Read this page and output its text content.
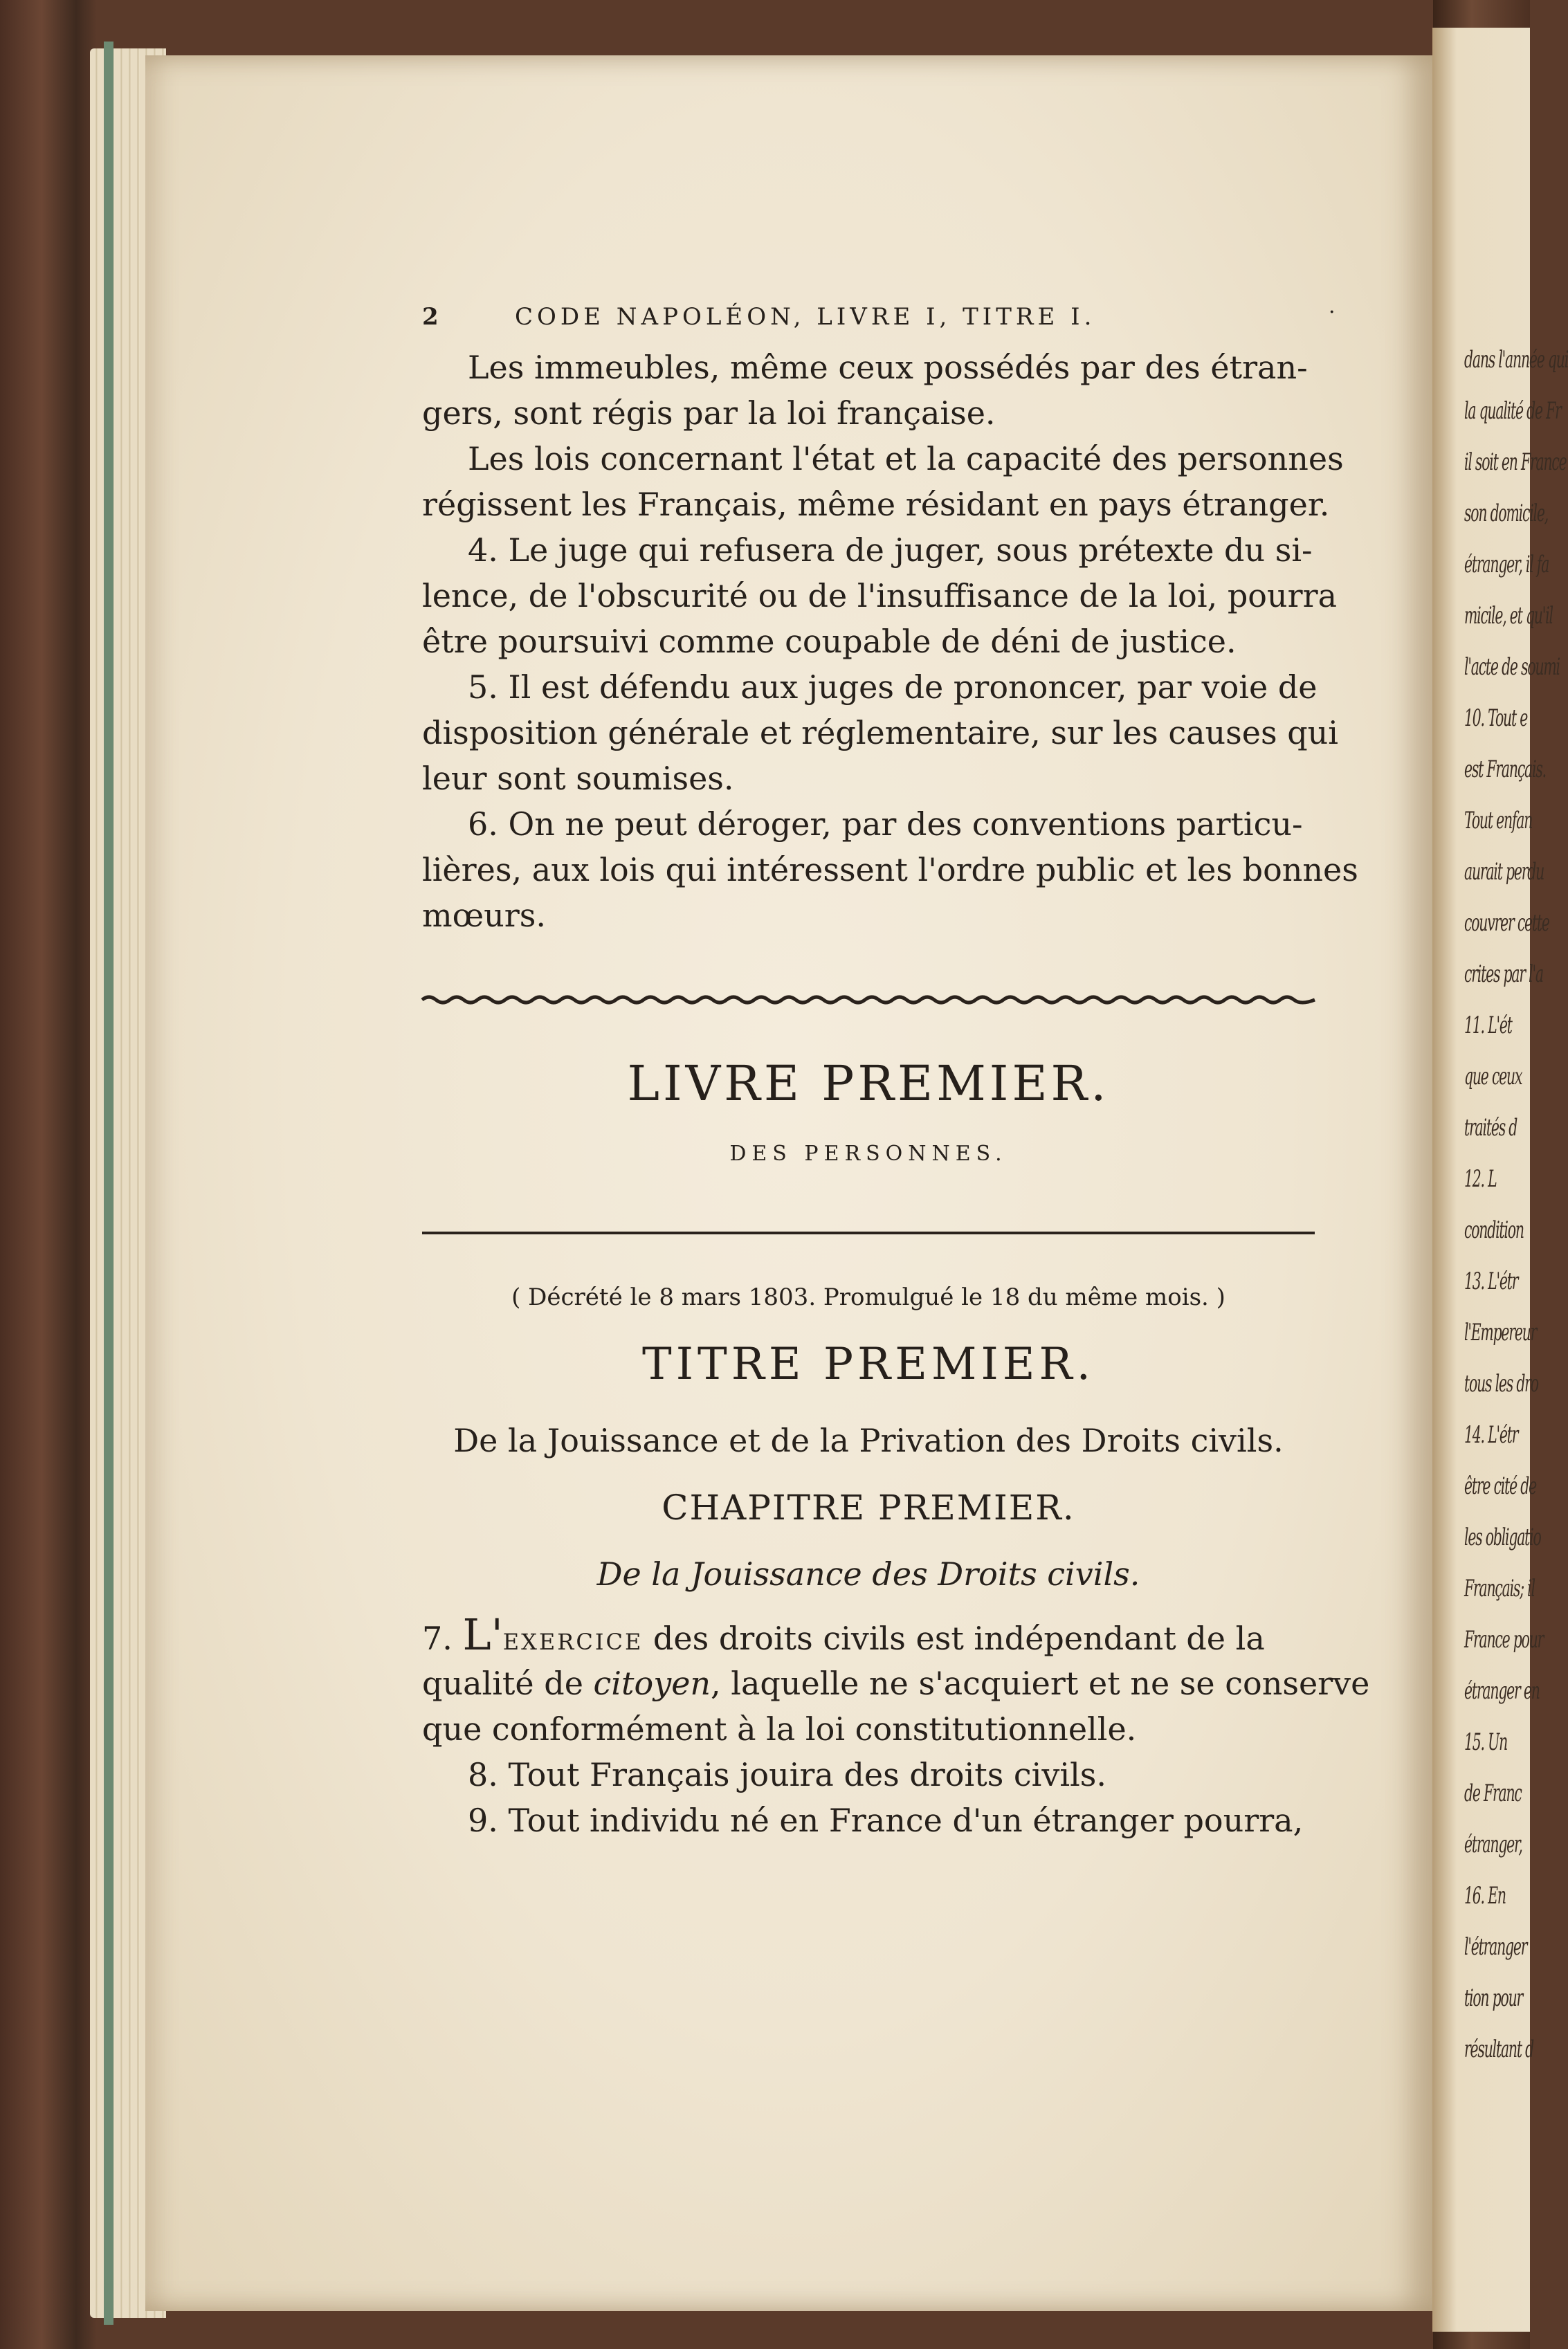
dans l'année qui
la qualité de Fr
il soit en France
son domicile,
étranger, il fa
micile, et qu'il
l'acte de soumi
10. Tout e
est Français.
Tout enfan
aurait perdu
couvrer cette
crites par l'a
11. L'ét
que ceux
traités d
12. L
condition
13. L'étr
l'Empereur
tous les dro
14. L'étr
être cité de
les obligatio
Français; il
France pour
étranger en
15. Un
de Franc
étranger,
16. En
l'étranger
tion pour
résultant d
2	CODE NAPOLÉON, LIVRE I, TITRE I.	·
Les immeubles, même ceux possédés par des étran-
gers, sont régis par la loi française.
Les lois concernant l'état et la capacité des personnes
régissent les Français, même résidant en pays étranger.
4. Le juge qui refusera de juger, sous prétexte du si-
lence, de l'obscurité ou de l'insuffisance de la loi, pourra
être poursuivi comme coupable de déni de justice.
5. Il est défendu aux juges de prononcer, par voie de
disposition générale et réglementaire, sur les causes qui
leur sont soumises.
6. On ne peut déroger, par des conventions particu-
lières, aux lois qui intéressent l'ordre public et les bonnes
mœurs.
LIVRE PREMIER.
DES PERSONNES.
( Décrété le 8 mars 1803. Promulgué le 18 du même mois. )
TITRE PREMIER.
De la Jouissance et de la Privation des Droits civils.
CHAPITRE PREMIER.
De la Jouissance des Droits civils.
7. L'exercice des droits civils est indépendant de la
qualité de citoyen, laquelle ne s'acquiert et ne se conserve
que conformément à la loi constitutionnelle.
8. Tout Français jouira des droits civils.
9. Tout individu né en France d'un étranger pourra,
